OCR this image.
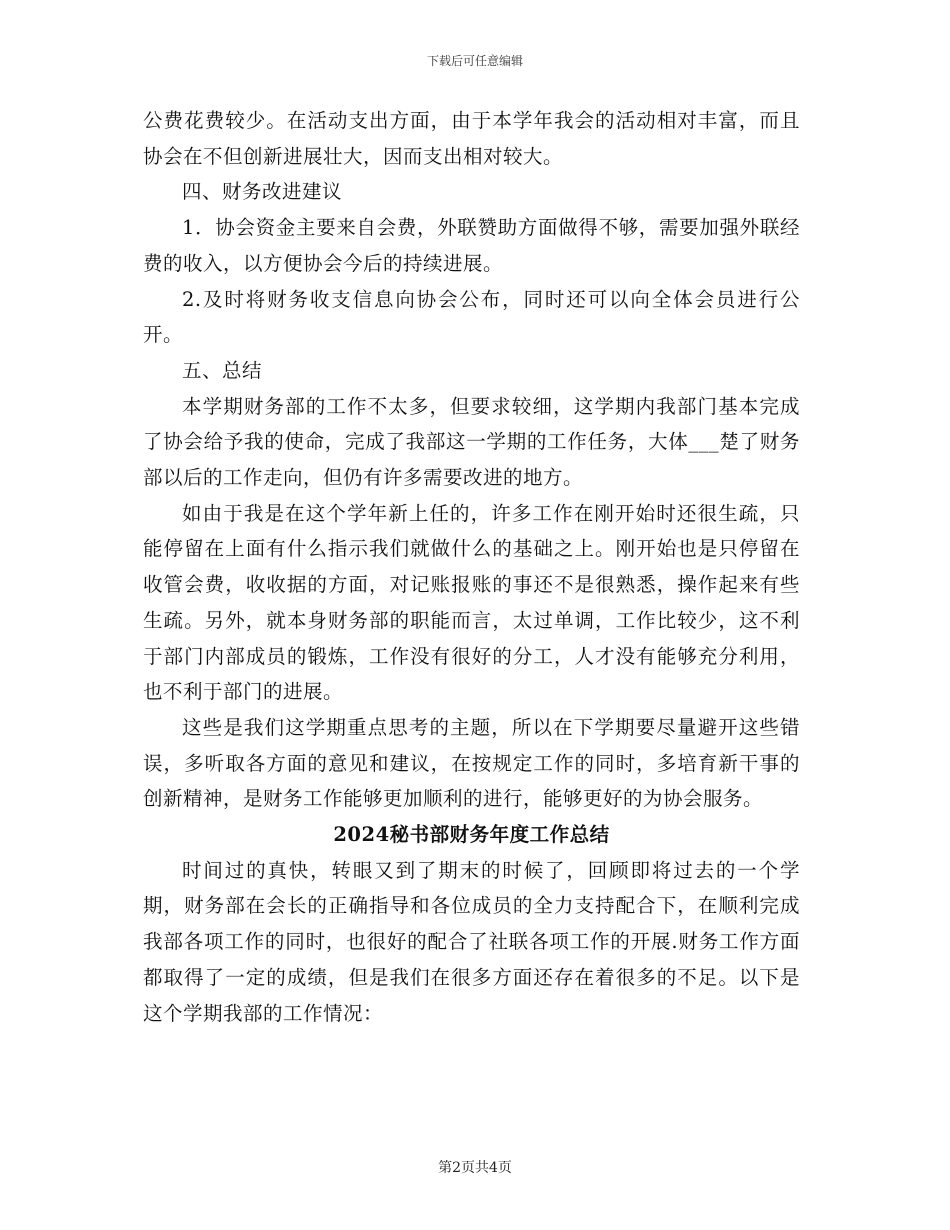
下载后可任意编辑

公费花费较少。在活动支出方面，由于本学年我会的活动相对丰富，而且协会在不但创新进展壮大，因而支出相对较大。

四、财务改进建议

1．协会资金主要来自会费，外联赞助方面做得不够，需要加强外联经费的收入，以方便协会今后的持续进展。

2.及时将财务收支信息向协会公布，同时还可以向全体会员进行公开。

五、总结

本学期财务部的工作不太多，但要求较细，这学期内我部门基本完成了协会给予我的使命，完成了我部这一学期的工作任务，大体___楚了财务部以后的工作走向，但仍有许多需要改进的地方。

如由于我是在这个学年新上任的，许多工作在刚开始时还很生疏，只能停留在上面有什么指示我们就做什么的基础之上。刚开始也是只停留在收管会费，收收据的方面，对记账报账的事还不是很熟悉，操作起来有些生疏。另外，就本身财务部的职能而言，太过单调，工作比较少，这不利于部门内部成员的锻炼，工作没有很好的分工，人才没有能够充分利用，也不利于部门的进展。

这些是我们这学期重点思考的主题，所以在下学期要尽量避开这些错误，多听取各方面的意见和建议，在按规定工作的同时，多培育新干事的创新精神，是财务工作能够更加顺利的进行，能够更好的为协会服务。

2024秘书部财务年度工作总结

时间过的真快，转眼又到了期末的时候了，回顾即将过去的一个学期，财务部在会长的正确指导和各位成员的全力支持配合下，在顺利完成我部各项工作的同时，也很好的配合了社联各项工作的开展.财务工作方面都取得了一定的成绩，但是我们在很多方面还存在着很多的不足。以下是这个学期我部的工作情况：

第2页共4页
